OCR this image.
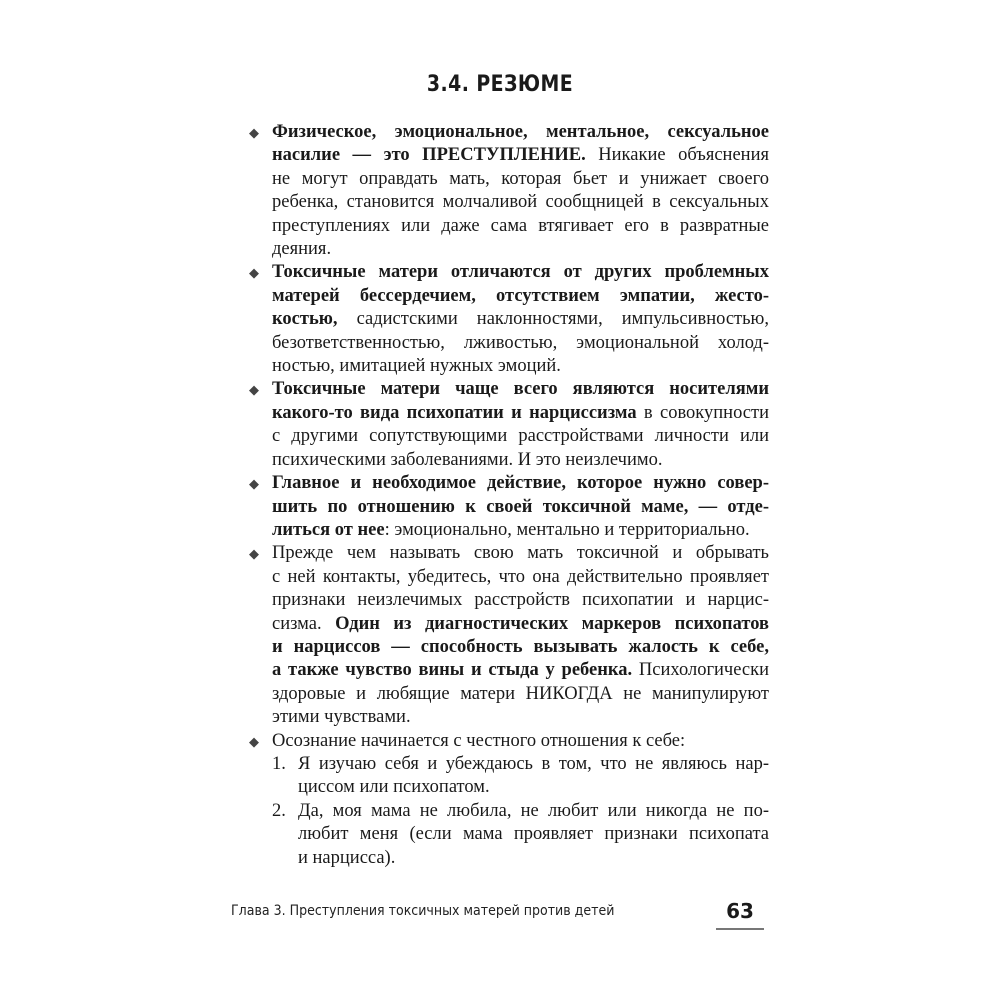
3.4. РЕЗЮМЕ
◆ Физическое, эмоциональное, ментальное, сексуальное
насилие — это ПРЕСТУПЛЕНИЕ. Никакие объяснения
не могут оправдать мать, которая бьет и унижает своего
ребенка, становится молчаливой сообщницей в сексуальных
преступлениях или даже сама втягивает его в развратные
деяния.
◆ Токсичные матери отличаются от других проблемных
матерей бессердечием, отсутствием эмпатии, жесто-
костью, садистскими наклонностями, импульсивностью,
безответственностью, лживостью, эмоциональной холод-
ностью, имитацией нужных эмоций.
◆ Токсичные матери чаще всего являются носителями
какого-то вида психопатии и нарциссизма в совокупности
с другими сопутствующими расстройствами личности или
психическими заболеваниями. И это неизлечимо.
◆ Главное и необходимое действие, которое нужно совер-
шить по отношению к своей токсичной маме, — отде-
литься от нее: эмоционально, ментально и территориально.
◆ Прежде чем называть свою мать токсичной и обрывать
с ней контакты, убедитесь, что она действительно проявляет
признаки неизлечимых расстройств психопатии и нарцис-
сизма. Один из диагностических маркеров психопатов
и нарциссов — способность вызывать жалость к себе,
а также чувство вины и стыда у ребенка. Психологически
здоровые и любящие матери НИКОГДА не манипулируют
этими чувствами.
◆ Осознание начинается с честного отношения к себе:
1. Я изучаю себя и убеждаюсь в том, что не являюсь нар-
циссом или психопатом.
2. Да, моя мама не любила, не любит или никогда не по-
любит меня (если мама проявляет признаки психопата
и нарцисса).
Глава 3. Преступления токсичных матерей против детей	63
